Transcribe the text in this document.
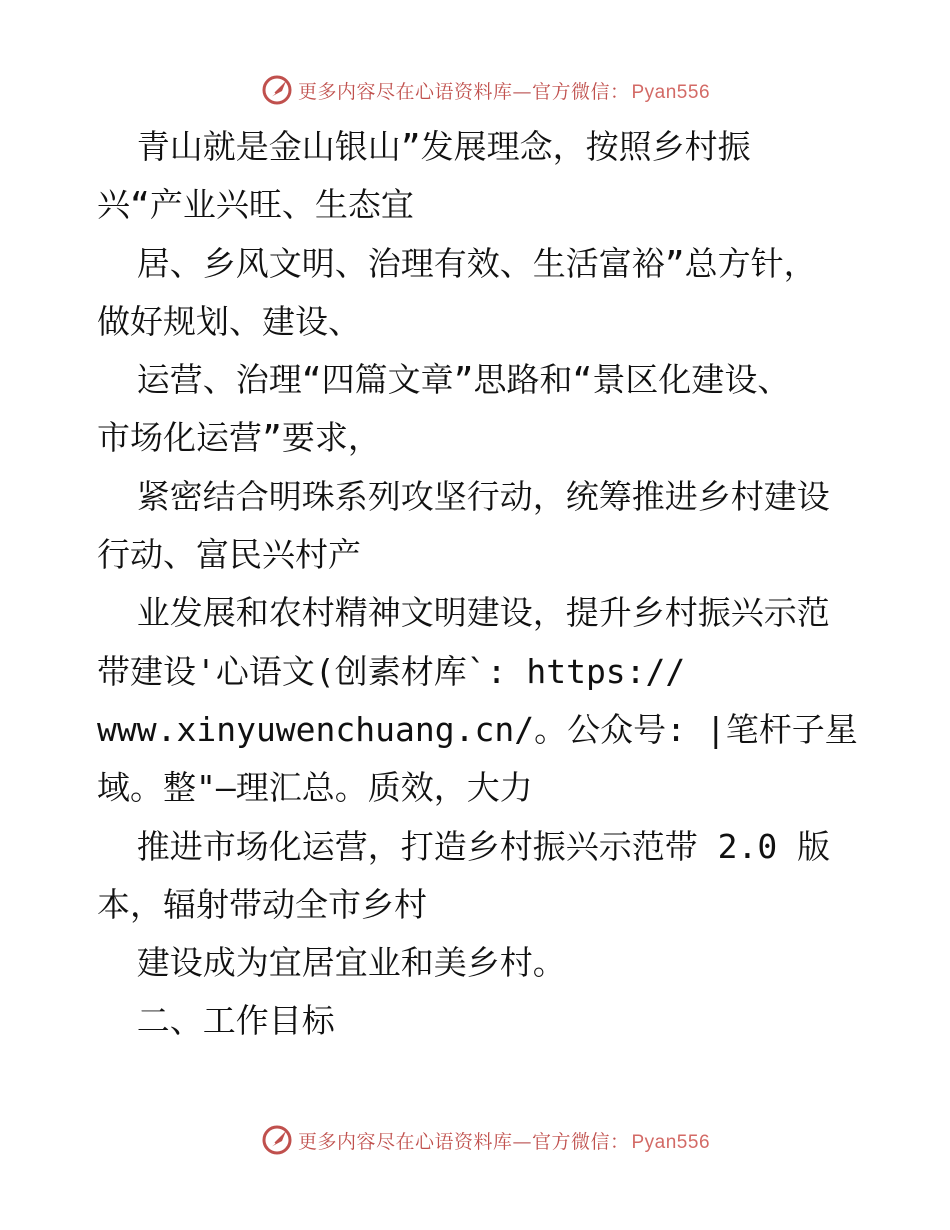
更多内容尽在心语资料库—官方微信： Pyan556
青山就是金山银山”发展理念，按照乡村振
兴“产业兴旺、生态宜
居、乡风文明、治理有效、生活富裕”总方针，
做好规划、建设、
运营、治理“四篇文章”思路和“景区化建设、
市场化运营”要求，
紧密结合明珠系列攻坚行动，统筹推进乡村建设
行动、富民兴村产
业发展和农村精神文明建设，提升乡村振兴示范
带建设'心语文(创素材库`: https://
www.xinyuwenchuang.cn/。公众号: |笔杆子星
域。整"—理汇总。质效，大力
推进市场化运营，打造乡村振兴示范带 2.0 版
本，辐射带动全市乡村
建设成为宜居宜业和美乡村。
二、工作目标
更多内容尽在心语资料库—官方微信： Pyan556
